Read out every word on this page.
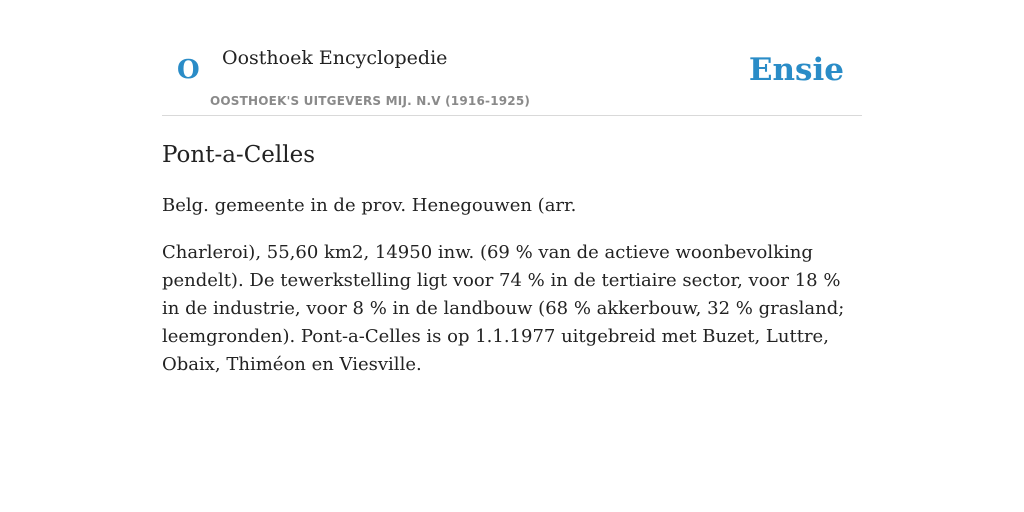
O Oosthoek Encyclopedie
OOSTHOEK'S UITGEVERS MIJ. N.V (1916-1925)
Ensie
Pont-a-Celles

Belg. gemeente in de prov. Henegouwen (arr.

Charleroi), 55,60 km2, 14950 inw. (69 % van de actieve woonbevolking pendelt). De tewerkstelling ligt voor 74 % in de tertiaire sector, voor 18 % in de industrie, voor 8 % in de landbouw (68 % akkerbouw, 32 % grasland; leemgronden). Pont-a-Celles is op 1.1.1977 uitgebreid met Buzet, Luttre, Obaix, Thiméon en Viesville.
